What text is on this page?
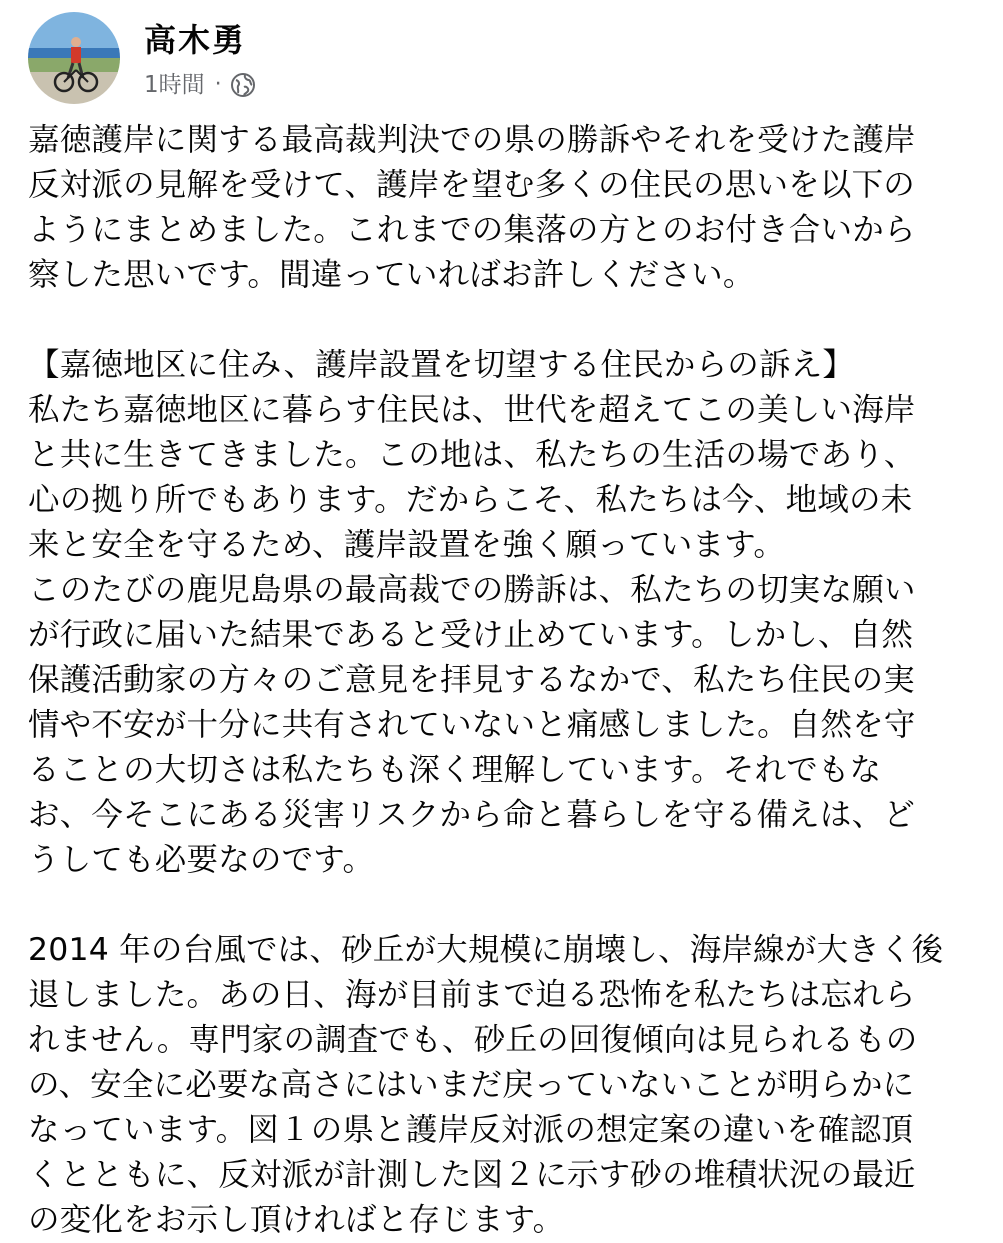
高木勇
1時間 ·

嘉徳護岸に関する最高裁判決での県の勝訴やそれを受けた護岸

反対派の見解を受けて、護岸を望む多くの住民の思いを以下の

ようにまとめました。これまでの集落の方とのお付き合いから

察した思いです。間違っていればお許しください。

【嘉徳地区に住み、護岸設置を切望する住民からの訴え】

私たち嘉徳地区に暮らす住民は、世代を超えてこの美しい海岸

と共に生きてきました。この地は、私たちの生活の場であり、

心の拠り所でもあります。だからこそ、私たちは今、地域の未

来と安全を守るため、護岸設置を強く願っています。

このたびの鹿児島県の最高裁での勝訴は、私たちの切実な願い

が行政に届いた結果であると受け止めています。しかし、自然

保護活動家の方々のご意見を拝見するなかで、私たち住民の実

情や不安が十分に共有されていないと痛感しました。自然を守

ることの大切さは私たちも深く理解しています。それでもな

お、今そこにある災害リスクから命と暮らしを守る備えは、ど

うしても必要なのです。

2014 年の台風では、砂丘が大規模に崩壊し、海岸線が大きく後

退しました。あの日、海が目前まで迫る恐怖を私たちは忘れら

れません。専門家の調査でも、砂丘の回復傾向は見られるもの

の、安全に必要な高さにはいまだ戻っていないことが明らかに

なっています。図１の県と護岸反対派の想定案の違いを確認頂

くとともに、反対派が計測した図２に示す砂の堆積状況の最近

の変化をお示し頂ければと存じます。
